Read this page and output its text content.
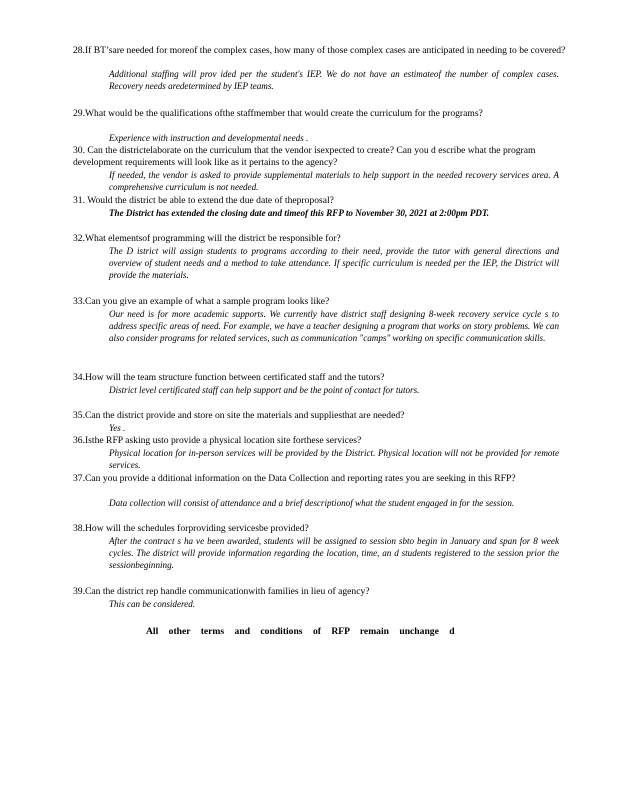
28.If BT’sare needed for moreof the complex cases, how many of those complex cases are anticipated in needing to be covered?
Additional staffing will prov ided per the student's IEP. We do not have an estimateof the number of complex cases. Recovery needs aredetermined by IEP teams.
29.What would be the qualifications ofthe staffmember that would create the curriculum for the programs?
Experience with instruction and developmental needs .
30. Can the districtelaborate on the curriculum that the vendor isexpected to create? Can you d escribe what the program development requirements will look like as it pertains to the agency?
If needed, the vendor is asked to provide supplemental materials to help support in the needed recovery services area. A comprehensive curriculum is not needed.
31. Would the district be able to extend the due date of theproposal?
The District has extended the closing date and timeof this RFP to November 30, 2021 at 2:00pm PDT.
32.What elementsof programming will the district be responsible for?
The D istrict will assign students to programs according to their need, provide the tutor with general directions and overview of student needs and a method to take attendance. If specific curriculum is needed per the IEP, the District will provide the materials.
33.Can you give an example of what a sample program looks like?
Our need is for more academic supports. We currently have district staff designing 8-week recovery service cycle s to address specific areas of need. For example, we have a teacher designing a program that works on story problems. We can also consider programs for related services, such as communication "camps" working on specific communication skills.
34.How will the team structure function between certificated staff and the tutors?
District level certificated staff can help support and be the point of contact for tutors.
35.Can the district provide and store on site the materials and suppliesthat are needed?
Yes .
36.Isthe RFP asking usto provide a physical location site forthese services?
Physical location for in-person services will be provided by the District. Physical location will not be provided for remote services.
37.Can you provide a dditional information on the Data Collection and reporting rates you are seeking in this RFP?
Data collection will consist of attendance and a brief descriptionof what the student engaged in for the session.
38.How will the schedules forproviding servicesbe provided?
After the contract s ha ve been awarded, students will be assigned to session sbto begin in January and span for 8 week cycles. The district will provide information regarding the location, time, an d students registered to the session prior the sessionbeginning.
39.Can the district rep handle communicationwith families in lieu of agency?
This can be considered.
All other terms and conditions of RFP remain unchange d
